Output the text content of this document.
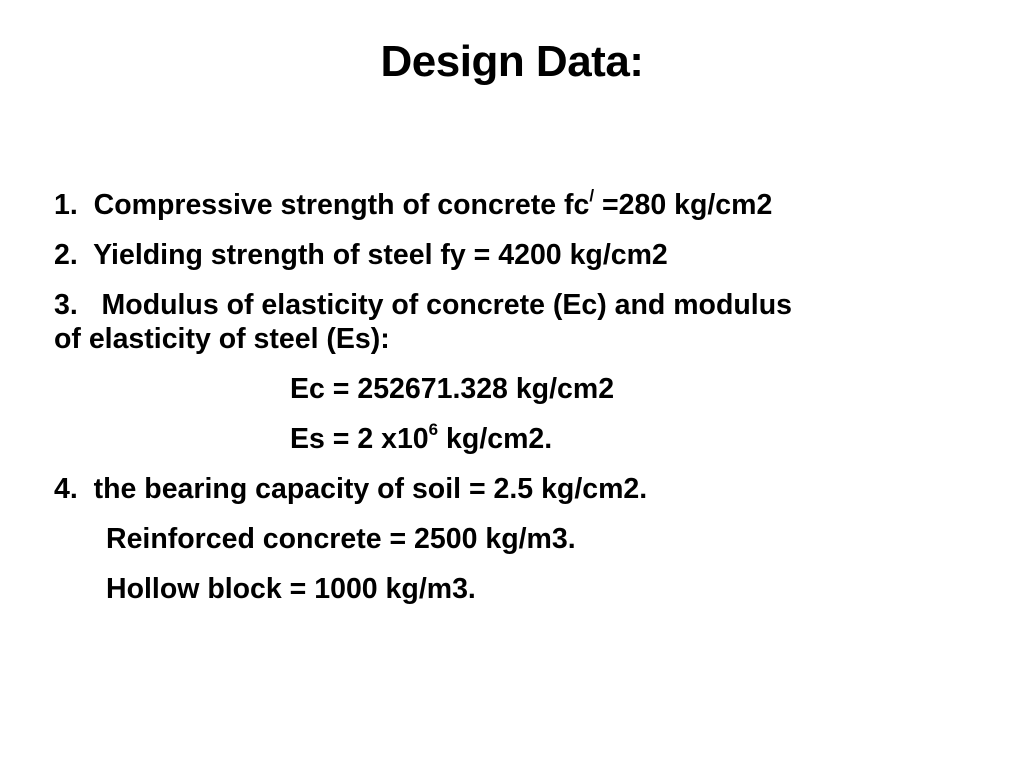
Design Data:

1. Compressive strength of concrete fc/ =280 kg/cm2

2. Yielding strength of steel fy = 4200 kg/cm2

3. Modulus of elasticity of concrete (Ec) and modulus

of elasticity of steel (Es):

Ec = 252671.328 kg/cm2

Es = 2 $x10^6$ kg/cm2.

4. the bearing capacity of soil = 2.5 kg/cm2.

Reinforced concrete = 2500 kg/m3.

Hollow block = 1000 kg/m3.
